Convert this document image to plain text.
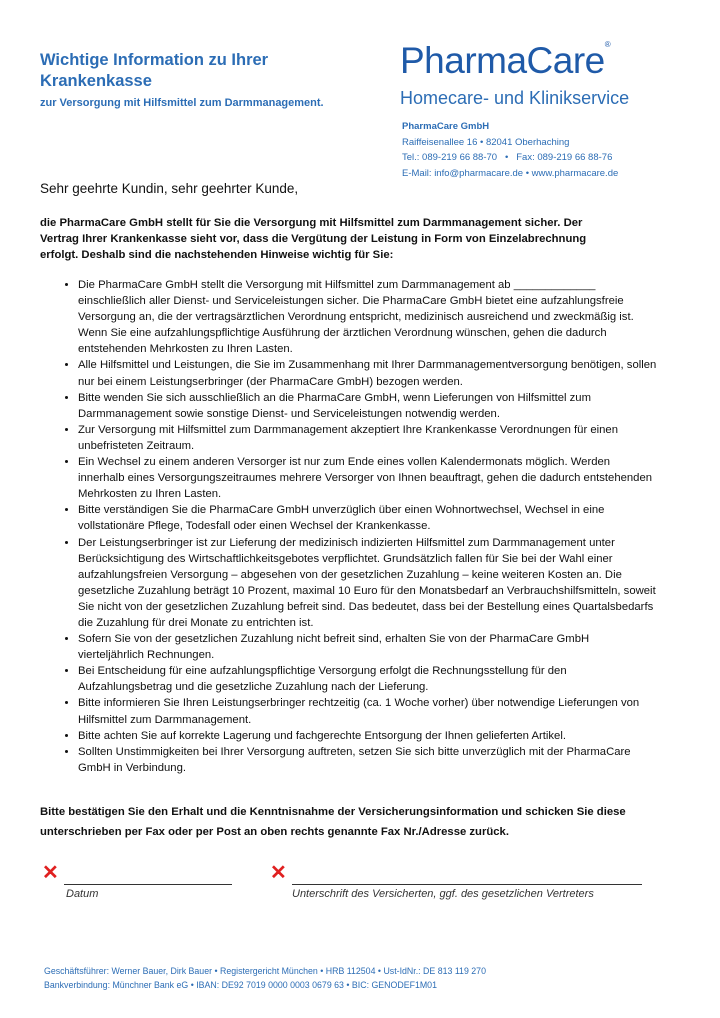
Wichtige Information zu Ihrer Krankenkasse
zur Versorgung mit Hilfsmittel zum Darmmanagement.
PharmaCare®
Homecare- und Klinikservice
PharmaCare GmbH
Raiffeisenallee 16 • 82041 Oberhaching
Tel.: 089-219 66 88-70   •   Fax: 089-219 66 88-76
E-Mail: info@pharmacare.de • www.pharmacare.de
Sehr geehrte Kundin, sehr geehrter Kunde,
die PharmaCare GmbH stellt für Sie die Versorgung mit Hilfsmittel zum Darmmanagement sicher. Der Vertrag Ihrer Krankenkasse sieht vor, dass die Vergütung der Leistung in Form von Einzelabrechnung erfolgt. Deshalb sind die nachstehenden Hinweise wichtig für Sie:
• Die PharmaCare GmbH stellt die Versorgung mit Hilfsmittel zum Darmmanagement ab _____________ einschließlich aller Dienst- und Serviceleistungen sicher. Die PharmaCare GmbH bietet eine aufzahlungsfreie Versorgung an, die der vertragsärztlichen Verordnung entspricht, medizinisch ausreichend und zweckmäßig ist. Wenn Sie eine aufzahlungspflichtige Ausführung der ärztlichen Verordnung wünschen, gehen die dadurch entstehenden Mehrkosten zu Ihren Lasten.
• Alle Hilfsmittel und Leistungen, die Sie im Zusammenhang mit Ihrer Darmmanagementversorgung benötigen, sollen nur bei einem Leistungserbringer (der PharmaCare GmbH) bezogen werden.
• Bitte wenden Sie sich ausschließlich an die PharmaCare GmbH, wenn Lieferungen von Hilfsmittel zum Darmmanagement sowie sonstige Dienst- und Serviceleistungen notwendig werden.
• Zur Versorgung mit Hilfsmittel zum Darmmanagement akzeptiert Ihre Krankenkasse Verordnungen für einen unbefristeten Zeitraum.
• Ein Wechsel zu einem anderen Versorger ist nur zum Ende eines vollen Kalendermonats möglich. Werden innerhalb eines Versorgungszeitraumes mehrere Versorger von Ihnen beauftragt, gehen die dadurch entstehenden Mehrkosten zu Ihren Lasten.
• Bitte verständigen Sie die PharmaCare GmbH unverzüglich über einen Wohnortwechsel, Wechsel in eine vollstationäre Pflege, Todesfall oder einen Wechsel der Krankenkasse.
• Der Leistungserbringer ist zur Lieferung der medizinisch indizierten Hilfsmittel zum Darmmanagement unter Berücksichtigung des Wirtschaftlichkeitsgebotes verpflichtet. Grundsätzlich fallen für Sie bei der Wahl einer aufzahlungsfreien Versorgung – abgesehen von der gesetzlichen Zuzahlung – keine weiteren Kosten an. Die gesetzliche Zuzahlung beträgt 10 Prozent, maximal 10 Euro für den Monatsbedarf an Verbrauchshilfsmitteln, soweit Sie nicht von der gesetzlichen Zuzahlung befreit sind. Das bedeutet, dass bei der Bestellung eines Quartalsbedarfs die Zuzahlung für drei Monate zu entrichten ist.
• Sofern Sie von der gesetzlichen Zuzahlung nicht befreit sind, erhalten Sie von der PharmaCare GmbH vierteljährlich Rechnungen.
• Bei Entscheidung für eine aufzahlungspflichtige Versorgung erfolgt die Rechnungsstellung für den Aufzahlungsbetrag und die gesetzliche Zuzahlung nach der Lieferung.
• Bitte informieren Sie Ihren Leistungserbringer rechtzeitig (ca. 1 Woche vorher) über notwendige Lieferungen von Hilfsmittel zum Darmmanagement.
• Bitte achten Sie auf korrekte Lagerung und fachgerechte Entsorgung der Ihnen gelieferten Artikel.
• Sollten Unstimmigkeiten bei Ihrer Versorgung auftreten, setzen Sie sich bitte unverzüglich mit der PharmaCare GmbH in Verbindung.
Bitte bestätigen Sie den Erhalt und die Kenntnisnahme der Versicherungsinformation und schicken Sie diese unterschrieben per Fax oder per Post an oben rechts genannte Fax Nr./Adresse zurück.
✕
Datum
✕
Unterschrift des Versicherten, ggf. des gesetzlichen Vertreters
Geschäftsführer: Werner Bauer, Dirk Bauer • Registergericht München • HRB 112504 • Ust-IdNr.: DE 813 119 270
Bankverbindung: Münchner Bank eG • IBAN: DE92 7019 0000 0003 0679 63 • BIC: GENODEF1M01
